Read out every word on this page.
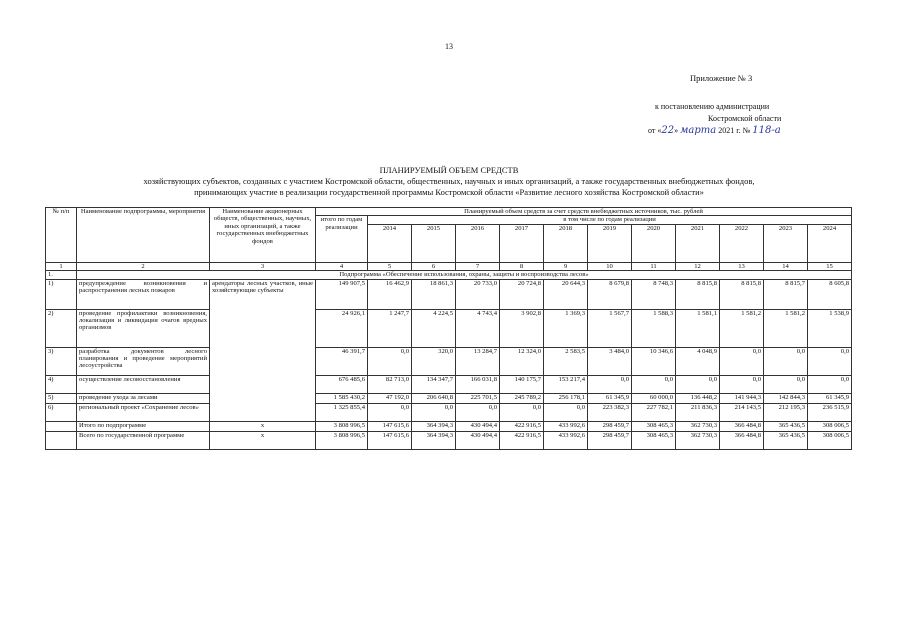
13
Приложение № 3
к постановлению администрации
Костромской области
от «22» марта 2021 г. № 118-а
ПЛАНИРУЕМЫЙ ОБЪЕМ СРЕДСТВ
хозяйствующих субъектов, созданных с участием Костромской области, общественных, научных и иных организаций, а также государственных внебюджетных фондов,
принимающих участие в реализации государственной программы Костромской области «Развитие лесного хозяйства Костромской области»
№ п/п	Наименование подпрограммы, мероприятия	Наименование акционерных обществ, общественных, научных, иных организаций, а также государственных внебюджетных фондов	Планируемый объем средств за счет средств внебюджетных источников, тыс. рублей											
			итого по годам реализации	в том числе по годам реализации										
				2014	2015	2016	2017	2018	2019	2020	2021	2022	2023	2024
1	2	3	4	5	6	7	8	9	10	11	12	13	14	15
1.	Подпрограмма «Обеспечение использования, охраны, защиты и воспроизводства лесов»													
1)	предупреждение возникновения и распространения лесных пожаров	арендаторы лесных участков, иные хозяйствующие субъекты	149 907,5	16 462,9	18 861,3	20 733,0	20 724,8	20 644,3	8 679,8	8 748,3	8 815,8	8 815,8	8 815,7	8 605,8
2)	проведение профилактики возникновения, локализация и ликвидация очагов вредных организмов		24 926,1	1 247,7	4 224,5	4 743,4	3 902,8	1 369,3	1 567,7	1 588,3	1 581,1	1 581,2	1 581,2	1 538,9
3)	разработка документов лесного планирования и проведение мероприятий лесоустройства		46 391,7	0,0	320,0	13 284,7	12 324,0	2 583,5	3 484,0	10 346,6	4 048,9	0,0	0,0	0,0
4)	осуществление лесовосстановления		676 485,6	82 713,0	134 347,7	166 031,8	140 175,7	153 217,4	0,0	0,0	0,0	0,0	0,0	0,0
5)	проведение ухода за лесами		1 585 430,2	47 192,0	206 640,8	225 701,5	245 789,2	256 178,1	61 345,9	60 000,0	136 448,2	141 944,3	142 844,3	61 345,9
6)	региональный проект «Сохранение лесов»		1 325 855,4	0,0	0,0	0,0	0,0	0,0	223 382,3	227 782,1	211 836,3	214 143,5	212 195,3	236 515,9
	Итого по подпрограмме	x	3 808 996,5	147 615,6	364 394,3	430 494,4	422 916,5	433 992,6	298 459,7	308 465,3	362 730,3	366 484,8	365 436,5	308 006,5
	Всего по государственной программе	x	3 808 996,5	147 615,6	364 394,3	430 494,4	422 916,5	433 992,6	298 459,7	308 465,3	362 730,3	366 484,8	365 436,5	308 006,5
